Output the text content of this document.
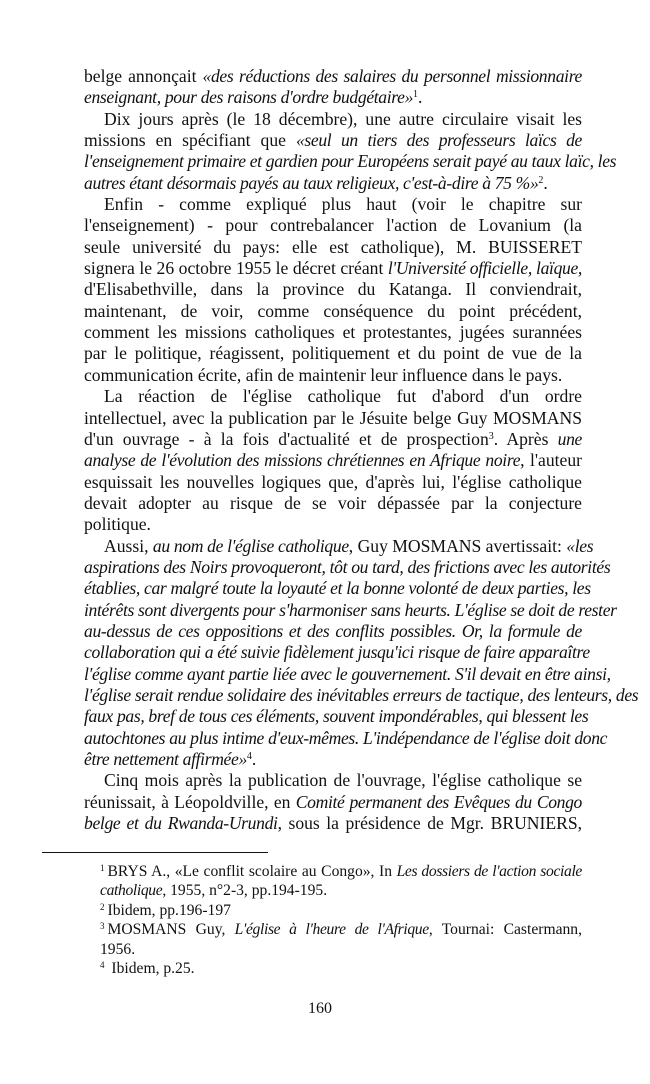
belge annonçait «des réductions des salaires du personnel missionnaire
enseignant, pour des raisons d'ordre budgétaire»$^1$.
Dix jours après (le 18 décembre), une autre circulaire visait les
missions en spécifiant que «seul un tiers des professeurs laïcs de
l'enseignement primaire et gardien pour Européens serait payé au taux laïc, les
autres étant désormais payés au taux religieux, c'est-à-dire à 75 %»$^2$.
Enfin - comme expliqué plus haut (voir le chapitre sur
l'enseignement) - pour contrebalancer l'action de Lovanium (la
seule université du pays: elle est catholique), M. BUISSERET
signera le 26 octobre 1955 le décret créant l'Université officielle, laïque,
d'Elisabethville, dans la province du Katanga. Il conviendrait,
maintenant, de voir, comme conséquence du point précédent,
comment les missions catholiques et protestantes, jugées surannées
par le politique, réagissent, politiquement et du point de vue de la
communication écrite, afin de maintenir leur influence dans le pays.
La réaction de l'église catholique fut d'abord d'un ordre
intellectuel, avec la publication par le Jésuite belge Guy MOSMANS
d'un ouvrage - à la fois d'actualité et de prospection$^3$. Après une
analyse de l'évolution des missions chrétiennes en Afrique noire, l'auteur
esquissait les nouvelles logiques que, d'après lui, l'église catholique
devait adopter au risque de se voir dépassée par la conjecture
politique.
Aussi, au nom de l'église catholique, Guy MOSMANS avertissait: «les
aspirations des Noirs provoqueront, tôt ou tard, des frictions avec les autorités
établies, car malgré toute la loyauté et la bonne volonté de deux parties, les
intérêts sont divergents pour s'harmoniser sans heurts. L'église se doit de rester
au-dessus de ces oppositions et des conflits possibles. Or, la formule de
collaboration qui a été suivie fidèlement jusqu'ici risque de faire apparaître
l'église comme ayant partie liée avec le gouvernement. S'il devait en être ainsi,
l'église serait rendue solidaire des inévitables erreurs de tactique, des lenteurs, des
faux pas, bref de tous ces éléments, souvent impondérables, qui blessent les
autochtones au plus intime d'eux-mêmes. L'indépendance de l'église doit donc
être nettement affirmée»$^4$.
Cinq mois après la publication de l'ouvrage, l'église catholique se
réunissait, à Léopoldville, en Comité permanent des Evêques du Congo
belge et du Rwanda-Urundi, sous la présidence de Mgr. BRUNIERS,
$^1$ BRYS A., «Le conflit scolaire au Congo», In Les dossiers de l'action sociale
catholique, 1955, n°2-3, pp.194-195.
$^2$ Ibidem, pp.196-197
$^3$ MOSMANS Guy, L'église à l'heure de l'Afrique, Tournai: Castermann,
1956.
$^4$ Ibidem, p.25.
160
